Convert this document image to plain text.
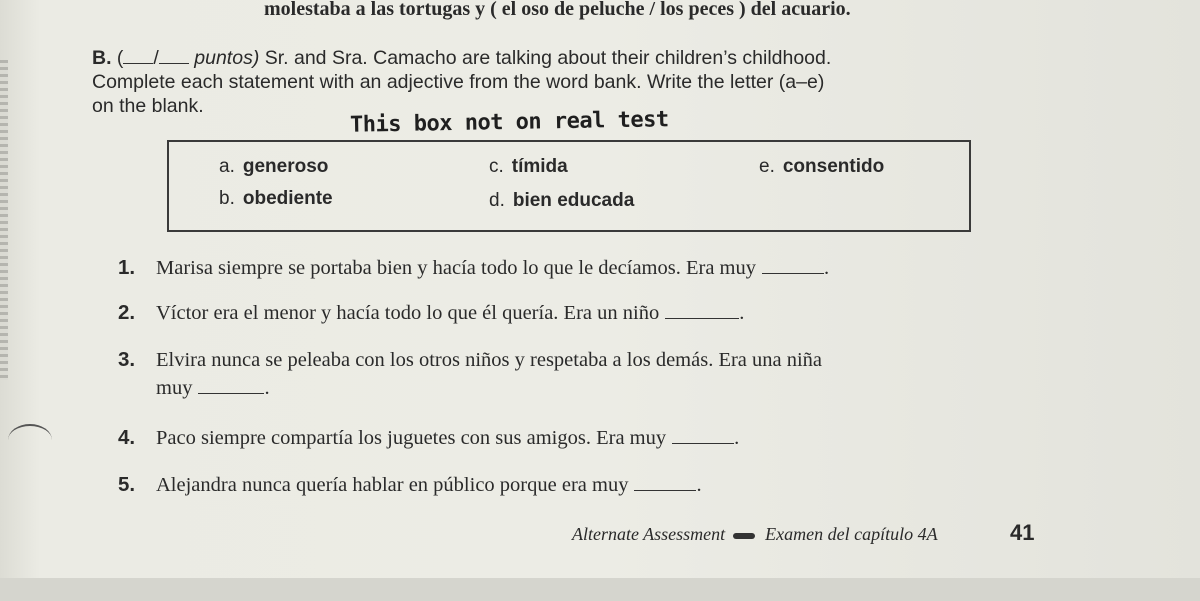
molestaba a las tortugas y ( el oso de peluche / los peces ) del acuario.
B. ( / puntos) Sr. and Sra. Camacho are talking about their children’s childhood.
Complete each statement with an adjective from the word bank. Write the letter (a–e)
on the blank.
This box not on real test
a. generoso
b. obediente
c. tímida
d. bien educada
e. consentido
1. Marisa siempre se portaba bien y hacía todo lo que le decíamos. Era muy	.
2. Víctor era el menor y hacía todo lo que él quería. Era un niño	.
3. Elvira nunca se peleaba con los otros niños y respetaba a los demás. Era una niña
muy	.
4. Paco siempre compartía los juguetes con sus amigos. Era muy	.
5. Alejandra nunca quería hablar en público porque era muy	.
Alternate Assessment Examen del capítulo 4A	41
